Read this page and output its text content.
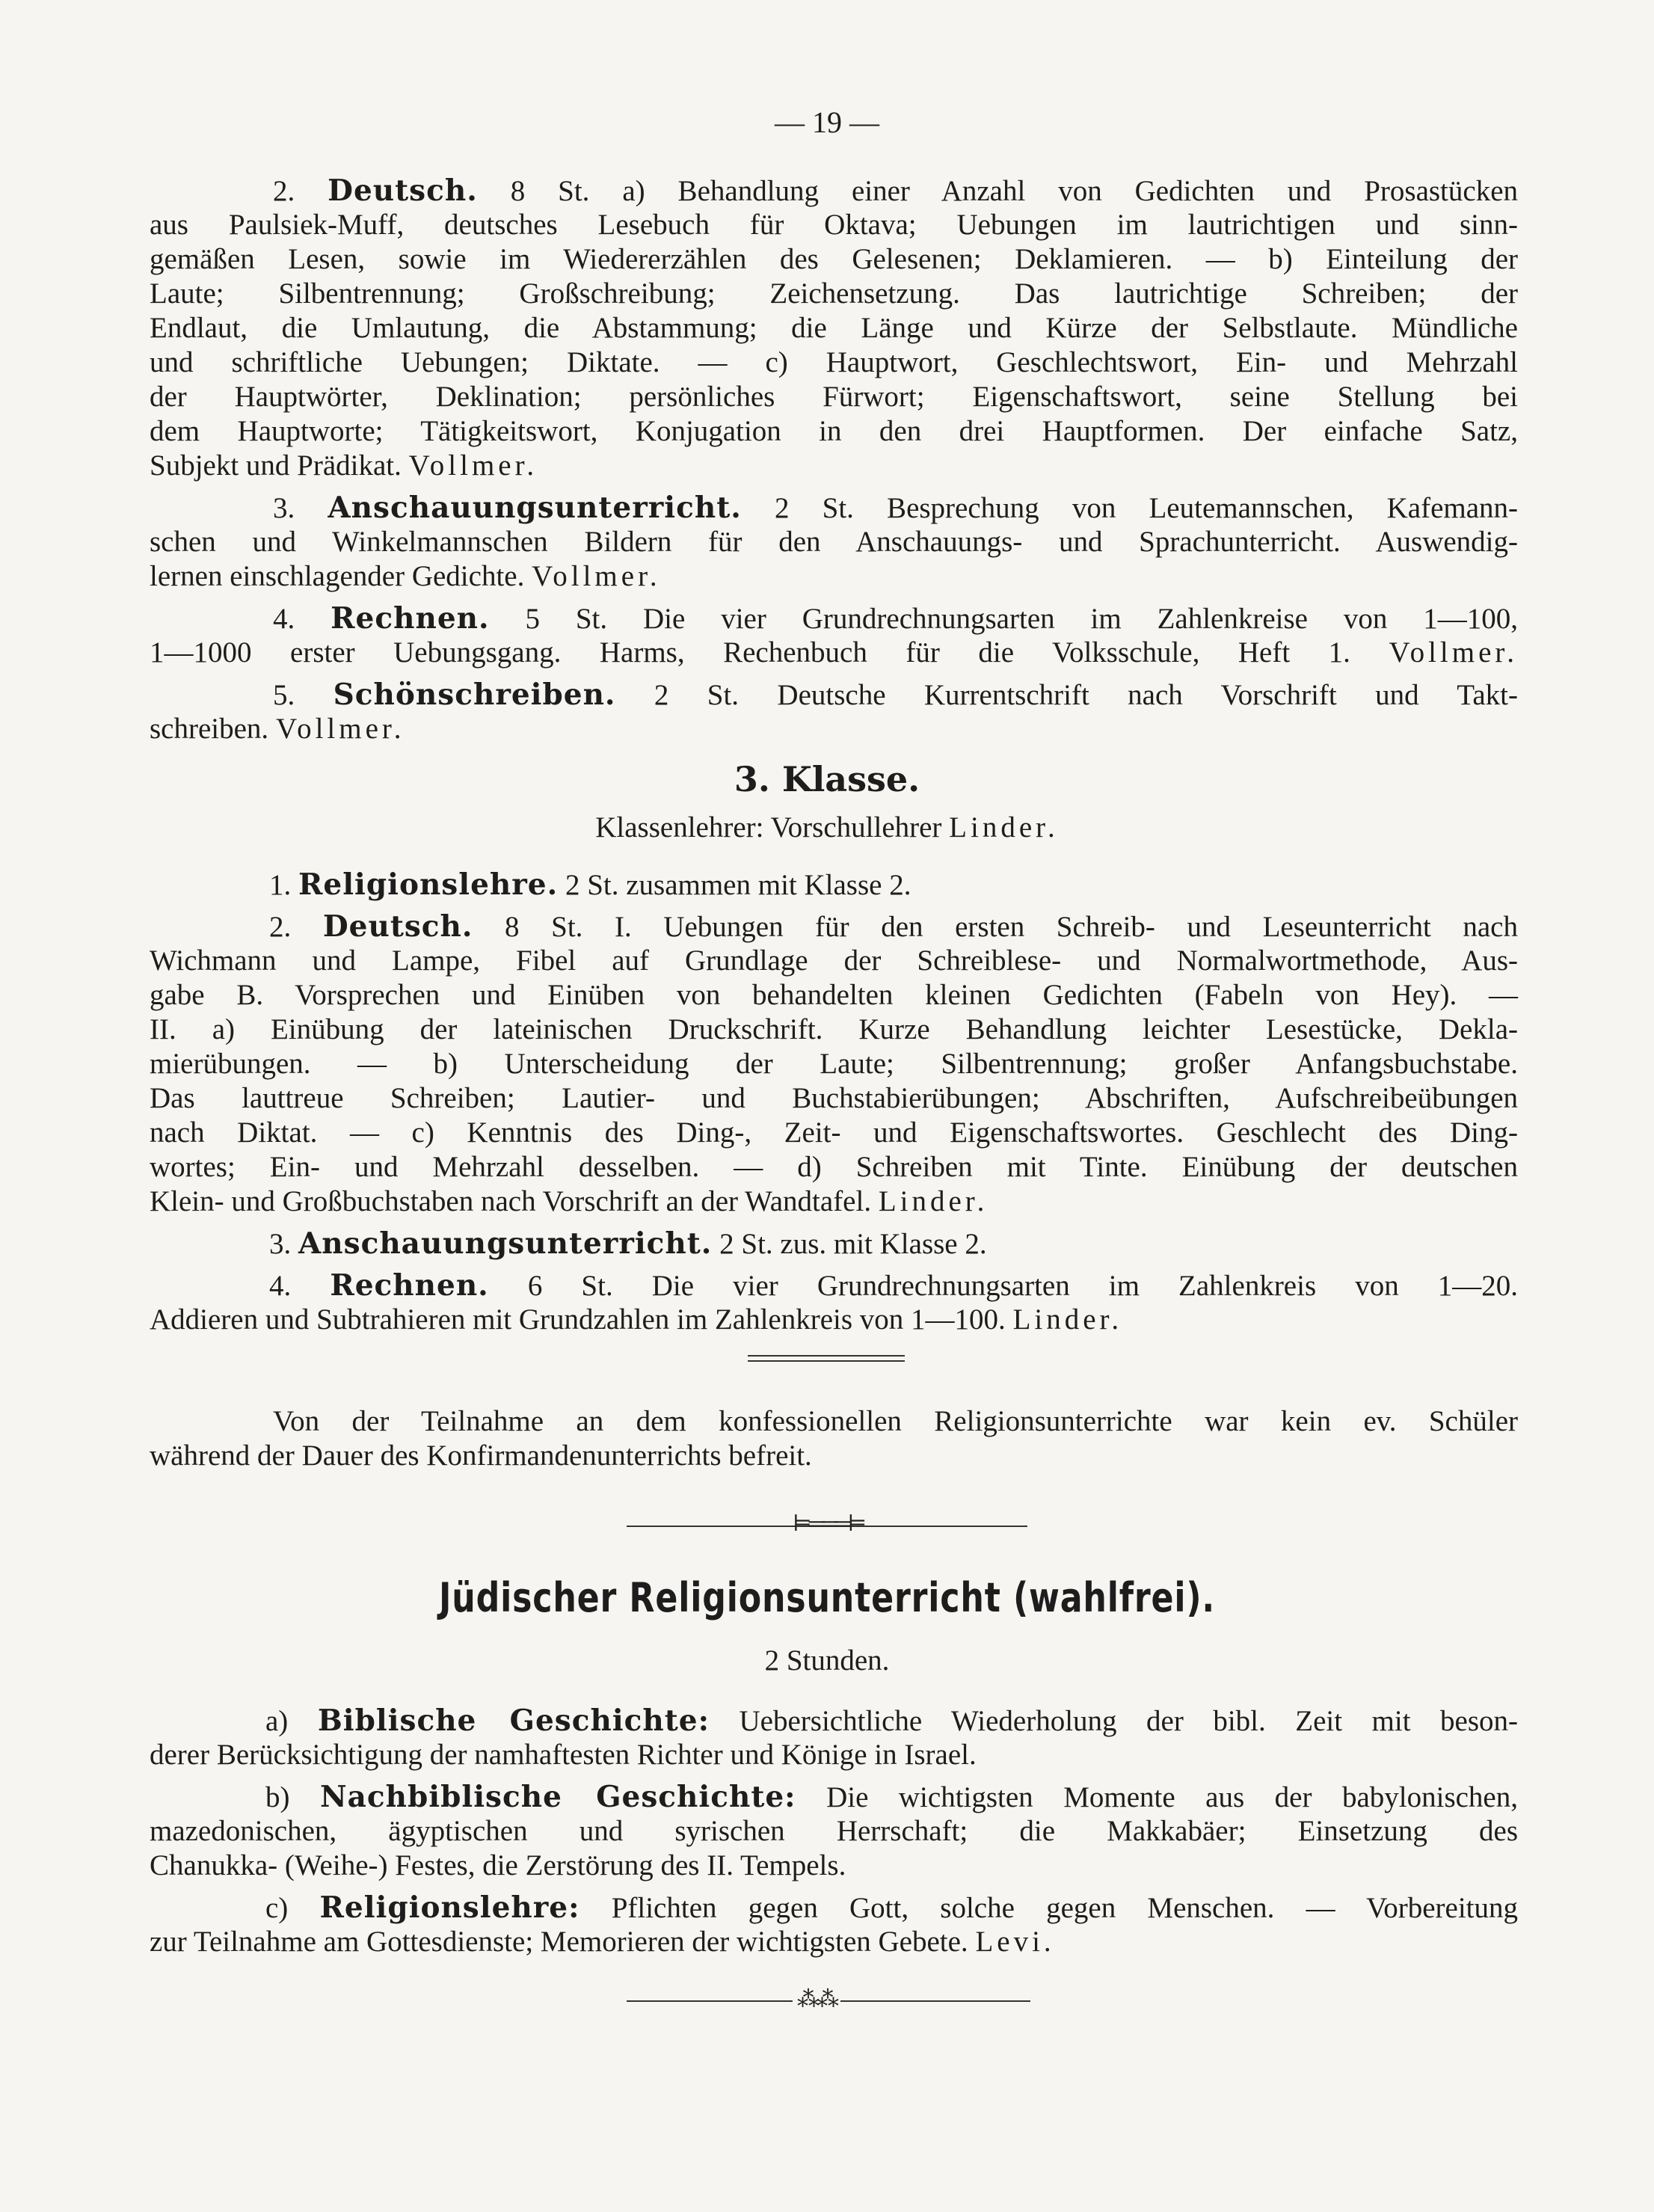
— 19 —
2. Deutsch. 8 St. a) Behandlung einer Anzahl von Gedichten und Prosastücken
aus Paulsiek-Muff, deutsches Lesebuch für Oktava; Uebungen im lautrichtigen und sinn-
gemäßen Lesen, sowie im Wiedererzählen des Gelesenen; Deklamieren. — b) Einteilung der
Laute; Silbentrennung; Großschreibung; Zeichensetzung. Das lautrichtige Schreiben; der
Endlaut, die Umlautung, die Abstammung; die Länge und Kürze der Selbstlaute. Mündliche
und schriftliche Uebungen; Diktate. — c) Hauptwort, Geschlechtswort, Ein- und Mehrzahl
der Hauptwörter, Deklination; persönliches Fürwort; Eigenschaftswort, seine Stellung bei
dem Hauptworte; Tätigkeitswort, Konjugation in den drei Hauptformen. Der einfache Satz,
Subjekt und Prädikat. Vollmer.
3. Anschauungsunterricht. 2 St. Besprechung von Leutemannschen, Kafemann-
schen und Winkelmannschen Bildern für den Anschauungs- und Sprachunterricht. Auswendig-
lernen einschlagender Gedichte. Vollmer.
4. Rechnen. 5 St. Die vier Grundrechnungsarten im Zahlenkreise von 1—100,
1—1000 erster Uebungsgang. Harms, Rechenbuch für die Volksschule, Heft 1. Vollmer.
5. Schönschreiben. 2 St. Deutsche Kurrentschrift nach Vorschrift und Takt-
schreiben. Vollmer.
3. Klasse.
Klassenlehrer: Vorschullehrer Linder.
1. Religionslehre. 2 St. zusammen mit Klasse 2.
2. Deutsch. 8 St. I. Uebungen für den ersten Schreib- und Leseunterricht nach
Wichmann und Lampe, Fibel auf Grundlage der Schreiblese- und Normalwortmethode, Aus-
gabe B. Vorsprechen und Einüben von behandelten kleinen Gedichten (Fabeln von Hey). —
II. a) Einübung der lateinischen Druckschrift. Kurze Behandlung leichter Lesestücke, Dekla-
mierübungen. — b) Unterscheidung der Laute; Silbentrennung; großer Anfangsbuchstabe.
Das lauttreue Schreiben; Lautier- und Buchstabierübungen; Abschriften, Aufschreibeübungen
nach Diktat. — c) Kenntnis des Ding-, Zeit- und Eigenschaftswortes. Geschlecht des Ding-
wortes; Ein- und Mehrzahl desselben. — d) Schreiben mit Tinte. Einübung der deutschen
Klein- und Großbuchstaben nach Vorschrift an der Wandtafel. Linder.
3. Anschauungsunterricht. 2 St. zus. mit Klasse 2.
4. Rechnen. 6 St. Die vier Grundrechnungsarten im Zahlenkreis von 1—20.
Addieren und Subtrahieren mit Grundzahlen im Zahlenkreis von 1—100. Linder.
Von der Teilnahme an dem konfessionellen Religionsunterrichte war kein ev. Schüler
während der Dauer des Konfirmandenunterrichts befreit.
⊨═══⊨
Jüdischer Religionsunterricht (wahlfrei).
2 Stunden.
a) Biblische Geschichte: Uebersichtliche Wiederholung der bibl. Zeit mit beson-
derer Berücksichtigung der namhaftesten Richter und Könige in Israel.
b) Nachbiblische Geschichte: Die wichtigsten Momente aus der babylonischen,
mazedonischen, ägyptischen und syrischen Herrschaft; die Makkabäer; Einsetzung des
Chanukka- (Weihe-) Festes, die Zerstörung des II. Tempels.
c) Religionslehre: Pflichten gegen Gott, solche gegen Menschen. — Vorbereitung
zur Teilnahme am Gottesdienste; Memorieren der wichtigsten Gebete. Levi.
⁂⁂
